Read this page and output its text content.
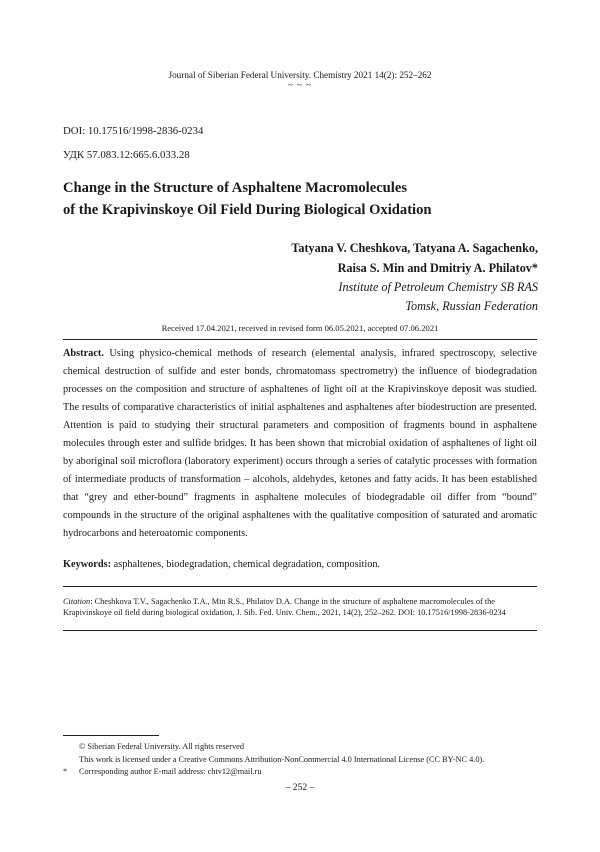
Journal of Siberian Federal University. Chemistry 2021 14(2): 252–262
~ ~ ~
DOI: 10.17516/1998-2836-0234
УДК 57.083.12:665.6.033.28
Change in the Structure of Asphaltene Macromolecules
of the Krapivinskoye Oil Field During Biological Oxidation
Tatyana V. Cheshkova, Tatyana A. Sagachenko,
Raisa S. Min and Dmitriy A. Philatov*
Institute of Petroleum Chemistry SB RAS
Tomsk, Russian Federation
Received 17.04.2021, received in revised form 06.05.2021, accepted 07.06.2021
Abstract. Using physico-chemical methods of research (elemental analysis, infrared spectroscopy, selective chemical destruction of sulfide and ester bonds, chromatomass spectrometry) the influence of biodegradation processes on the composition and structure of asphaltenes of light oil at the Krapivinskoye deposit was studied. The results of comparative characteristics of initial asphaltenes and asphaltenes after biodestruction are presented. Attention is paid to studying their structural parameters and composition of fragments bound in asphaltene molecules through ester and sulfide bridges. It has been shown that microbial oxidation of asphaltenes of light oil by aboriginal soil microflora (laboratory experiment) occurs through a series of catalytic processes with formation of intermediate products of transformation – alcohols, aldehydes, ketones and fatty acids. It has been established that “grey and ether-bound” fragments in asphaltene molecules of biodegradable oil differ from “bound” compounds in the structure of the original asphaltenes with the qualitative composition of saturated and aromatic hydrocarbons and heteroatomic components.
Keywords: asphaltenes, biodegradation, chemical degradation, composition.
Citation: Cheshkova T.V., Sagachenko T.A., Min R.S., Philatov D.A. Change in the structure of asphaltene macromolecules of the Krapivinskoye oil field during biological oxidation, J. Sib. Fed. Univ. Chem., 2021, 14(2), 252–262. DOI: 10.17516/1998-2836-0234
© Siberian Federal University. All rights reserved
This work is licensed under a Creative Commons Attribution-NonCommercial 4.0 International License (CC BY-NC 4.0).
* Corresponding author E-mail address: chtv12@mail.ru
– 252 –
